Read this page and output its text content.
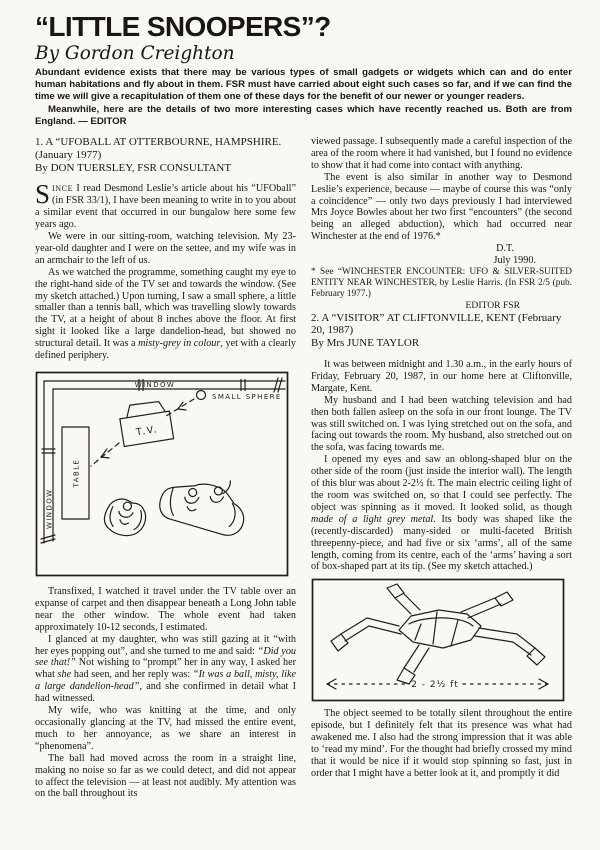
“LITTLE SNOOPERS”?
By Gordon Creighton

Abundant evidence exists that there may be various types of small gadgets or widgets which can and do enter human habitations and fly about in them. FSR must have carried about eight such cases so far, and if we can find the time we will give a recapitulation of them one of these days for the benefit of our newer or younger readers.

Meanwhile, here are the details of two more interesting cases which have recently reached us. Both are from England. — EDITOR

1. A “UFOBALL AT OTTERBOURNE, HAMPSHIRE. (January 1977)
By DON TUERSLEY, FSR CONSULTANT

SINCE I read Desmond Leslie’s article about his “UFOball” (in FSR 33/1), I have been meaning to write in to you about a similar event that occurred in our bungalow here some few years ago.

We were in our sitting-room, watching television. My 23-year-old daughter and I were on the settee, and my wife was in an armchair to the left of us.

As we watched the programme, something caught my eye to the right-hand side of the TV set and towards the window. (See my sketch attached.) Upon turning, I saw a small sphere, a little smaller than a tennis ball, which was travelling slowly towards the TV, at a height of about 8 inches above the floor. At first sight it looked like a large dandelion-head, but showed no structural detail. It was a misty-grey in colour, yet with a clearly defined periphery.

WINDOW
WINDOW
TABLE
T.V.
SMALL SPHERE

Transfixed, I watched it travel under the TV table over an expanse of carpet and then disappear beneath a Long John table near the other window. The whole event had taken approximately 10-12 seconds, I estimated.

I glanced at my daughter, who was still gazing at it “with her eyes popping out”, and she turned to me and said: “Did you see that!” Not wishing to “prompt” her in any way, I asked her what she had seen, and her reply was: “It was a ball, misty, like a large dandelion-head”, and she confirmed in detail what I had witnessed.

My wife, who was knitting at the time, and only occasionally glancing at the TV, had missed the entire event, much to her annoyance, as we share an interest in “phenomena”.

The ball had moved across the room in a straight line, making no noise so far as we could detect, and did not appear to affect the television — at least not audibly. My attention was on the ball throughout its

viewed passage. I subsequently made a careful inspection of the area of the room where it had vanished, but I found no evidence to show that it had come into contact with anything.

The event is also similar in another way to Desmond Leslie’s experience, because — maybe of course this was “only a coincidence” — only two days previously I had interviewed Mrs Joyce Bowles about her two first “encounters” (the second being an alleged abduction), which had occurred near Winchester at the end of 1976.*

D.T.

July 1990.

* See “WINCHESTER ENCOUNTER: UFO & SILVER-SUITED ENTITY NEAR WINCHESTER, by Leslie Harris. (In FSR 2/5 (pub. February 1977.)

EDITOR FSR

2. A “VISITOR” AT CLIFTONVILLE, KENT (February 20, 1987)
By Mrs JUNE TAYLOR

It was between midnight and 1.30 a.m., in the early hours of Friday, February 20, 1987, in our home here at Cliftonville, Margate, Kent.

My husband and I had been watching television and had then both fallen asleep on the sofa in our front lounge. The TV was still switched on. I was lying stretched out on the sofa, and facing out towards the room. My husband, also stretched out on the sofa, was facing towards me.

I opened my eyes and saw an oblong-shaped blur on the other side of the room (just inside the interior wall). The length of this blur was about 2-2½ ft. The main electric ceiling light of the room was switched on, so that I could see perfectly. The object was spinning as it moved. It looked solid, as though made of a light grey metal. Its body was shaped like the (recently-discarded) many-sided or multi-faceted British threepenny-piece, and had five or six ‘arms’, all of the same length, coming from its centre, each of the ‘arms’ having a sort of box-shaped part at its tip. (See my sketch attached.)

2 - 2½ ft

The object seemed to be totally silent throughout the entire episode, but I definitely felt that its presence was what had awakened me. I also had the strong impression that it was able to ‘read my mind’. For the thought had briefly crossed my mind that it would be nice if it would stop spinning so fast, just in order that I might have a better look at it, and promptly it did
